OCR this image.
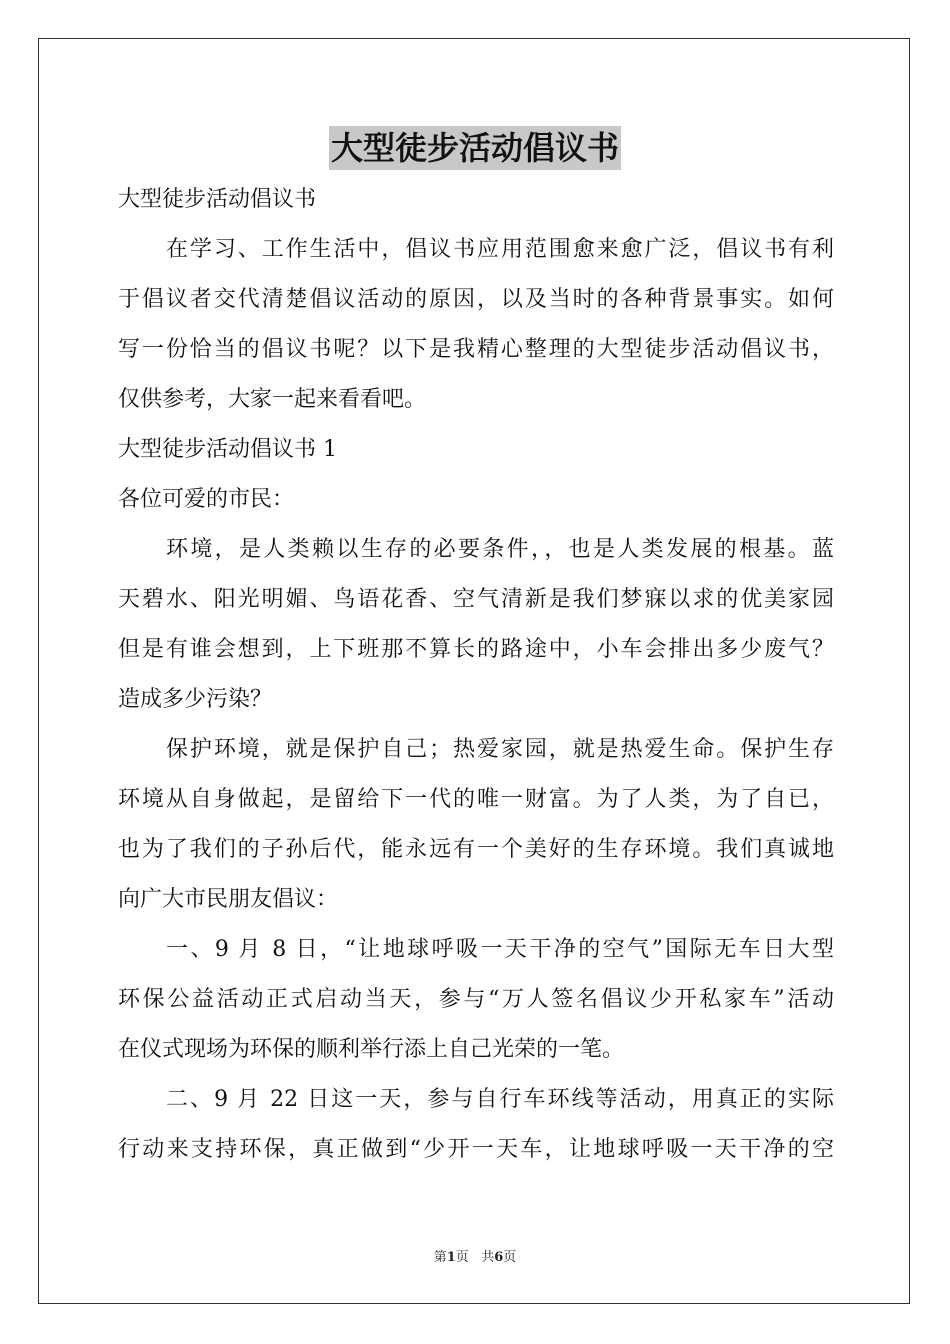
大型徒步活动倡议书
大型徒步活动倡议书
在学习、工作生活中，倡议书应用范围愈来愈广泛，倡议书有利
于倡议者交代清楚倡议活动的原因，以及当时的各种背景事实。如何
写一份恰当的倡议书呢？以下是我精心整理的大型徒步活动倡议书，
仅供参考，大家一起来看看吧。
大型徒步活动倡议书 1
各位可爱的市民：
环境，是人类赖以生存的必要条件，，也是人类发展的根基。蓝
天碧水、阳光明媚、鸟语花香、空气清新是我们梦寐以求的优美家园
但是有谁会想到，上下班那不算长的路途中，小车会排出多少废气？
造成多少污染？
保护环境，就是保护自己；热爱家园，就是热爱生命。保护生存
环境从自身做起，是留给下一代的唯一财富。为了人类，为了自已，
也为了我们的子孙后代，能永远有一个美好的生存环境。我们真诚地
向广大市民朋友倡议：
一、9 月 8 日，“让地球呼吸一天干净的空气”国际无车日大型
环保公益活动正式启动当天，参与“万人签名倡议少开私家车”活动
在仪式现场为环保的顺利举行添上自己光荣的一笔。
二、9 月 22 日这一天，参与自行车环线等活动，用真正的实际
行动来支持环保，真正做到“少开一天车，让地球呼吸一天干净的空
第1页 共6页
